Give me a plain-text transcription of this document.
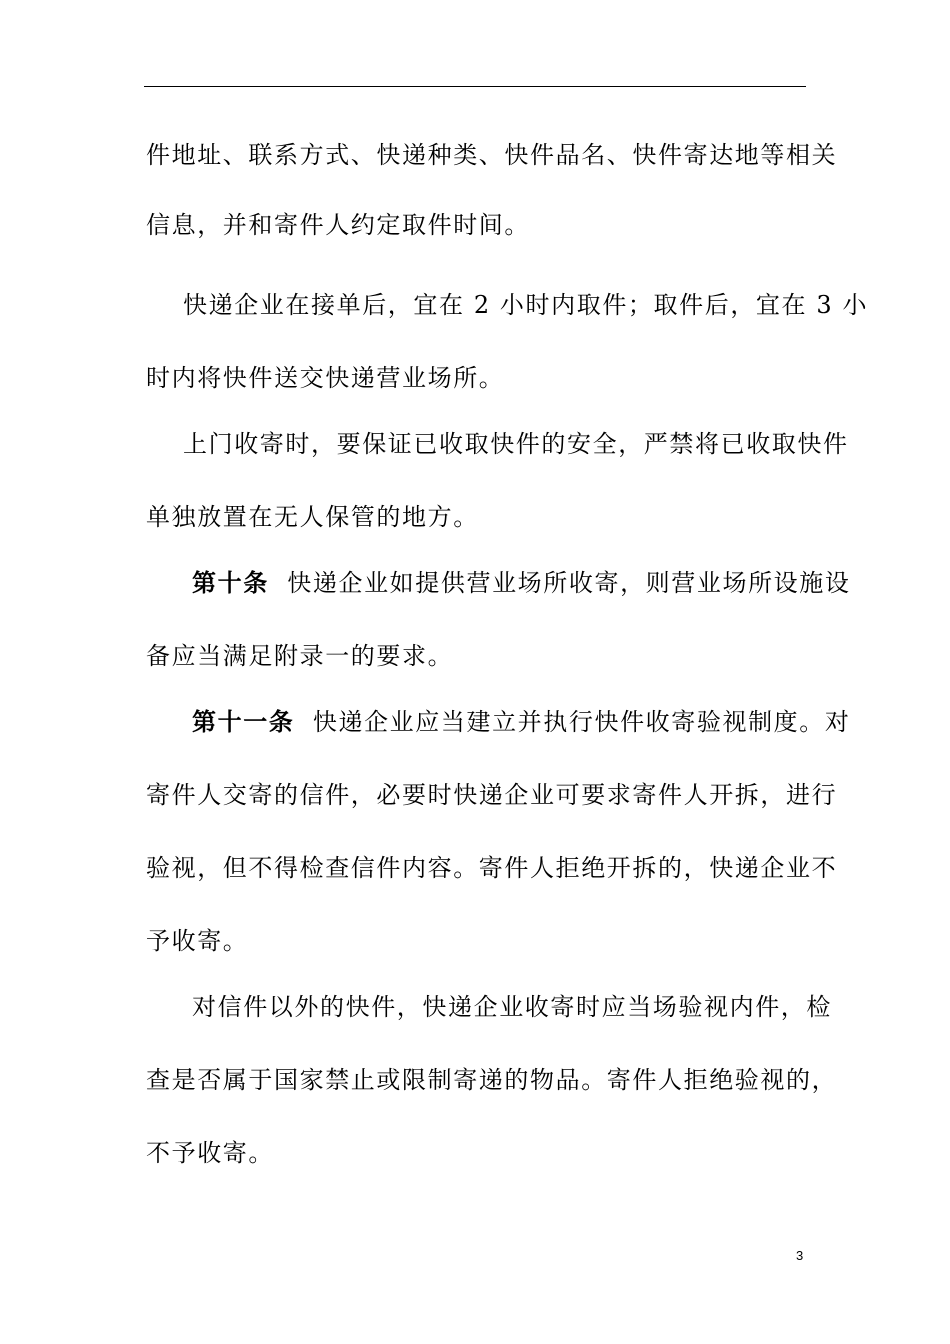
件地址、联系方式、快递种类、快件品名、快件寄达地等相关
信息，并和寄件人约定取件时间。
快递企业在接单后，宜在 2 小时内取件；取件后，宜在 3 小
时内将快件送交快递营业场所。
上门收寄时，要保证已收取快件的安全，严禁将已收取快件
单独放置在无人保管的地方。
第十条 快递企业如提供营业场所收寄，则营业场所设施设
备应当满足附录一的要求。
第十一条 快递企业应当建立并执行快件收寄验视制度。对
寄件人交寄的信件，必要时快递企业可要求寄件人开拆，进行
验视，但不得检查信件内容。寄件人拒绝开拆的，快递企业不
予收寄。
对信件以外的快件，快递企业收寄时应当场验视内件，检
查是否属于国家禁止或限制寄递的物品。寄件人拒绝验视的，
不予收寄。
3
